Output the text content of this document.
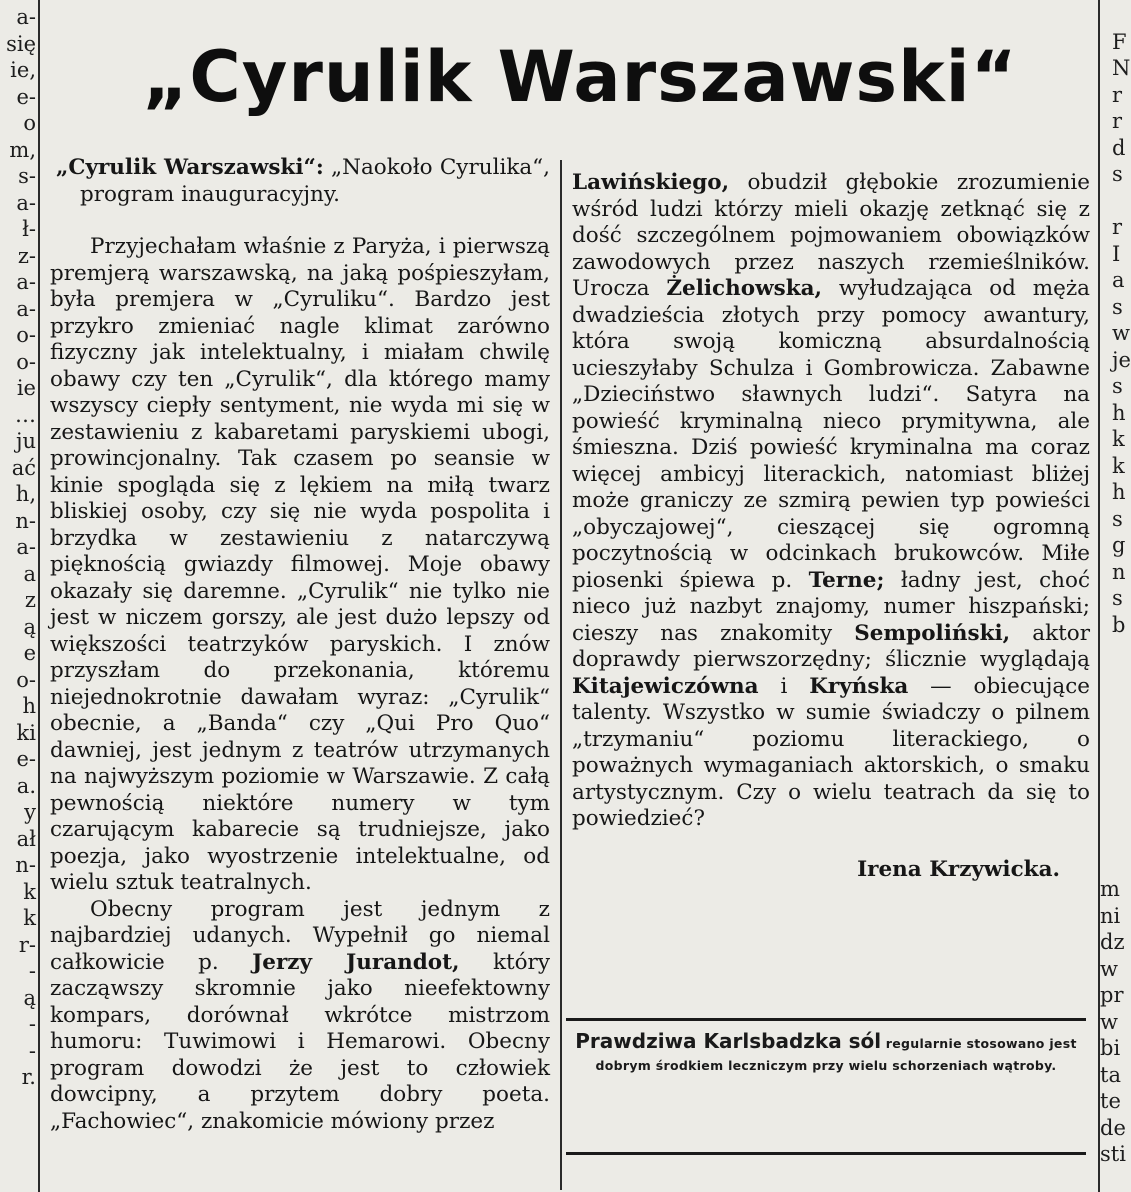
a-
się
ie,
e-
o
m,
s-
a-
ł-
z-
a-
a-
o-
o-
ie
…
ju
ać
h,
n-
a-
a
z
ą
e
o-
h
ki
e-
a.
y
ał
n-
k
k
r-
-
ą
-
-
r.
F
N
r
r
d
s
r
I
a
s
w
je
s
h
k
k
h
s
g
n
s
b
m
ni
dz
w
pr
w
bi
ta
te
de
sti
„Cyrulik Warszawski“

„Cyrulik Warszawski“: „Naokoło Cyrulika“, program inauguracyjny.

Przyjechałam właśnie z Paryża, i pierwszą premjerą warszawską, na jaką pośpieszyłam, była premjera w „Cyruliku“. Bardzo jest przykro zmieniać nagle klimat zarówno fizyczny jak intelektualny, i miałam chwilę obawy czy ten „Cyrulik“, dla którego mamy wszyscy ciepły sentyment, nie wyda mi się w zestawieniu z kabaretami paryskiemi ubogi, prowincjonalny. Tak czasem po seansie w kinie spogląda się z lękiem na miłą twarz bliskiej osoby, czy się nie wyda pospolita i brzydka w zestawieniu z natarczywą pięknością gwiazdy filmowej. Moje obawy okazały się daremne. „Cyrulik“ nie tylko nie jest w niczem gorszy, ale jest dużo lepszy od większości teatrzyków paryskich. I znów przyszłam do przekonania, któremu niejednokrotnie dawałam wyraz: „Cyrulik“ obecnie, a „Banda“ czy „Qui Pro Quo“ dawniej, jest jednym z teatrów utrzymanych na najwyższym poziomie w Warszawie. Z całą pewnością niektóre numery w tym czarującym kabarecie są trudniejsze, jako poezja, jako wyostrzenie intelektualne, od wielu sztuk teatralnych.

Obecny program jest jednym z najbardziej udanych. Wypełnił go niemal całkowicie p. Jerzy Jurandot, który zacząwszy skromnie jako nieefektowny kompars, dorównał wkrótce mistrzom humoru: Tuwimowi i Hemarowi. Obecny program dowodzi że jest to człowiek dowcipny, a przytem dobry poeta. „Fachowiec“, znakomicie mówiony przez

Lawińskiego, obudził głębokie zrozumienie wśród ludzi którzy mieli okazję zetknąć się z dość szczególnem pojmowaniem obowiązków zawodowych przez naszych rzemieślników. Urocza Żelichowska, wyłudzająca od męża dwadzieścia złotych przy pomocy awantury, która swoją komiczną absurdalnością ucieszyłaby Schulza i Gombrowicza. Zabawne „Dzieciństwo sławnych ludzi“. Satyra na powieść kryminalną nieco prymitywna, ale śmieszna. Dziś powieść kryminalna ma coraz więcej ambicyj literackich, natomiast bliżej może graniczy ze szmirą pewien typ powieści „obyczajowej“, cieszącej się ogromną poczytnością w odcinkach brukowców. Miłe piosenki śpiewa p. Terne; ładny jest, choć nieco już nazbyt znajomy, numer hiszpański; cieszy nas znakomity Sempoliński, aktor doprawdy pierwszorzędny; ślicznie wyglądają Kitajewiczówna i Kryńska — obiecujące talenty. Wszystko w sumie świadczy o pilnem „trzymaniu“ poziomu literackiego, o poważnych wymaganiach aktorskich, o smaku artystycznym. Czy o wielu teatrach da się to powiedzieć?

Irena Krzywicka.

Prawdziwa Karlsbadzka sól regularnie stosowano jest dobrym środkiem leczniczym przy wielu schorzeniach wątroby.
